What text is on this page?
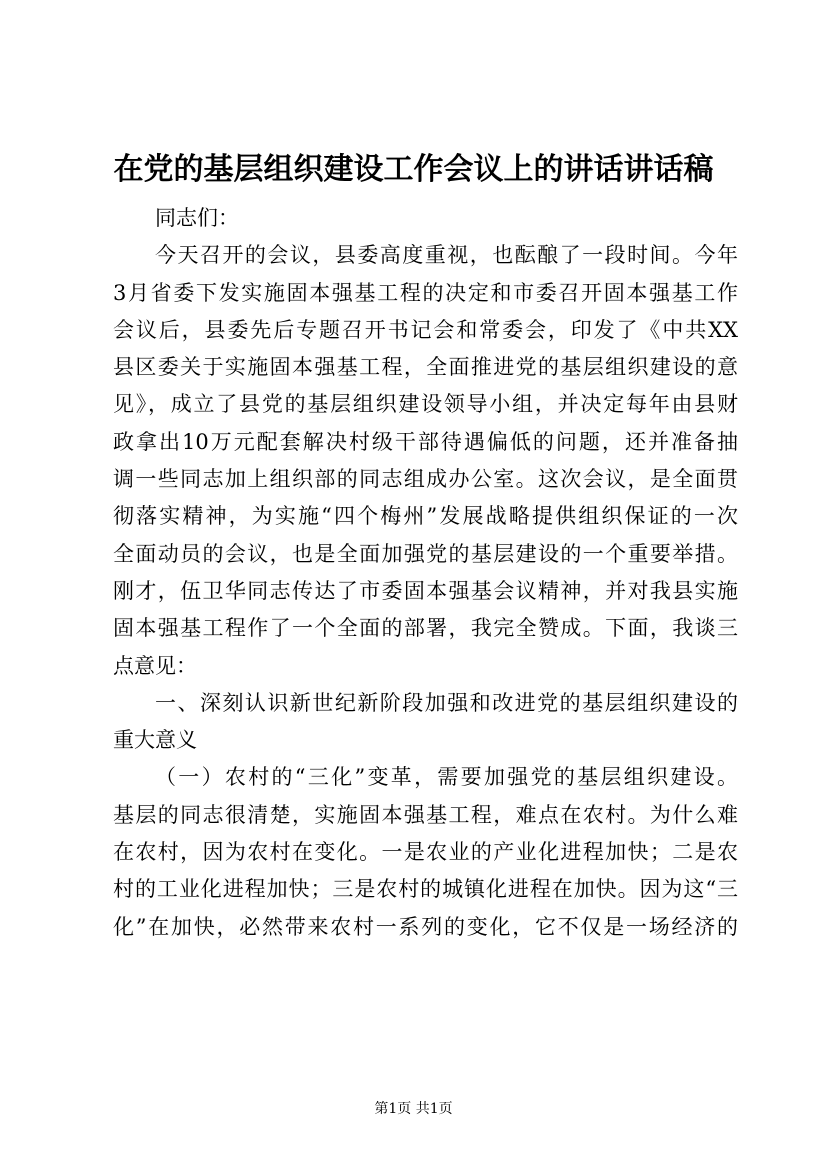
在党的基层组织建设工作会议上的讲话讲话稿
同志们：
今天召开的会议，县委高度重视，也酝酿了一段时间。今年
3月省委下发实施固本强基工程的决定和市委召开固本强基工作
会议后，县委先后专题召开书记会和常委会，印发了《中共XX
县区委关于实施固本强基工程，全面推进党的基层组织建设的意
见》，成立了县党的基层组织建设领导小组，并决定每年由县财
政拿出10万元配套解决村级干部待遇偏低的问题，还并准备抽
调一些同志加上组织部的同志组成办公室。这次会议，是全面贯
彻落实精神，为实施“四个梅州”发展战略提供组织保证的一次
全面动员的会议，也是全面加强党的基层建设的一个重要举措。
刚才，伍卫华同志传达了市委固本强基会议精神，并对我县实施
固本强基工程作了一个全面的部署，我完全赞成。下面，我谈三
点意见：
一、深刻认识新世纪新阶段加强和改进党的基层组织建设的
重大意义
（一）农村的“三化”变革，需要加强党的基层组织建设。
基层的同志很清楚，实施固本强基工程，难点在农村。为什么难
在农村，因为农村在变化。一是农业的产业化进程加快；二是农
村的工业化进程加快；三是农村的城镇化进程在加快。因为这“三
化”在加快，必然带来农村一系列的变化，它不仅是一场经济的
第1页 共1页
